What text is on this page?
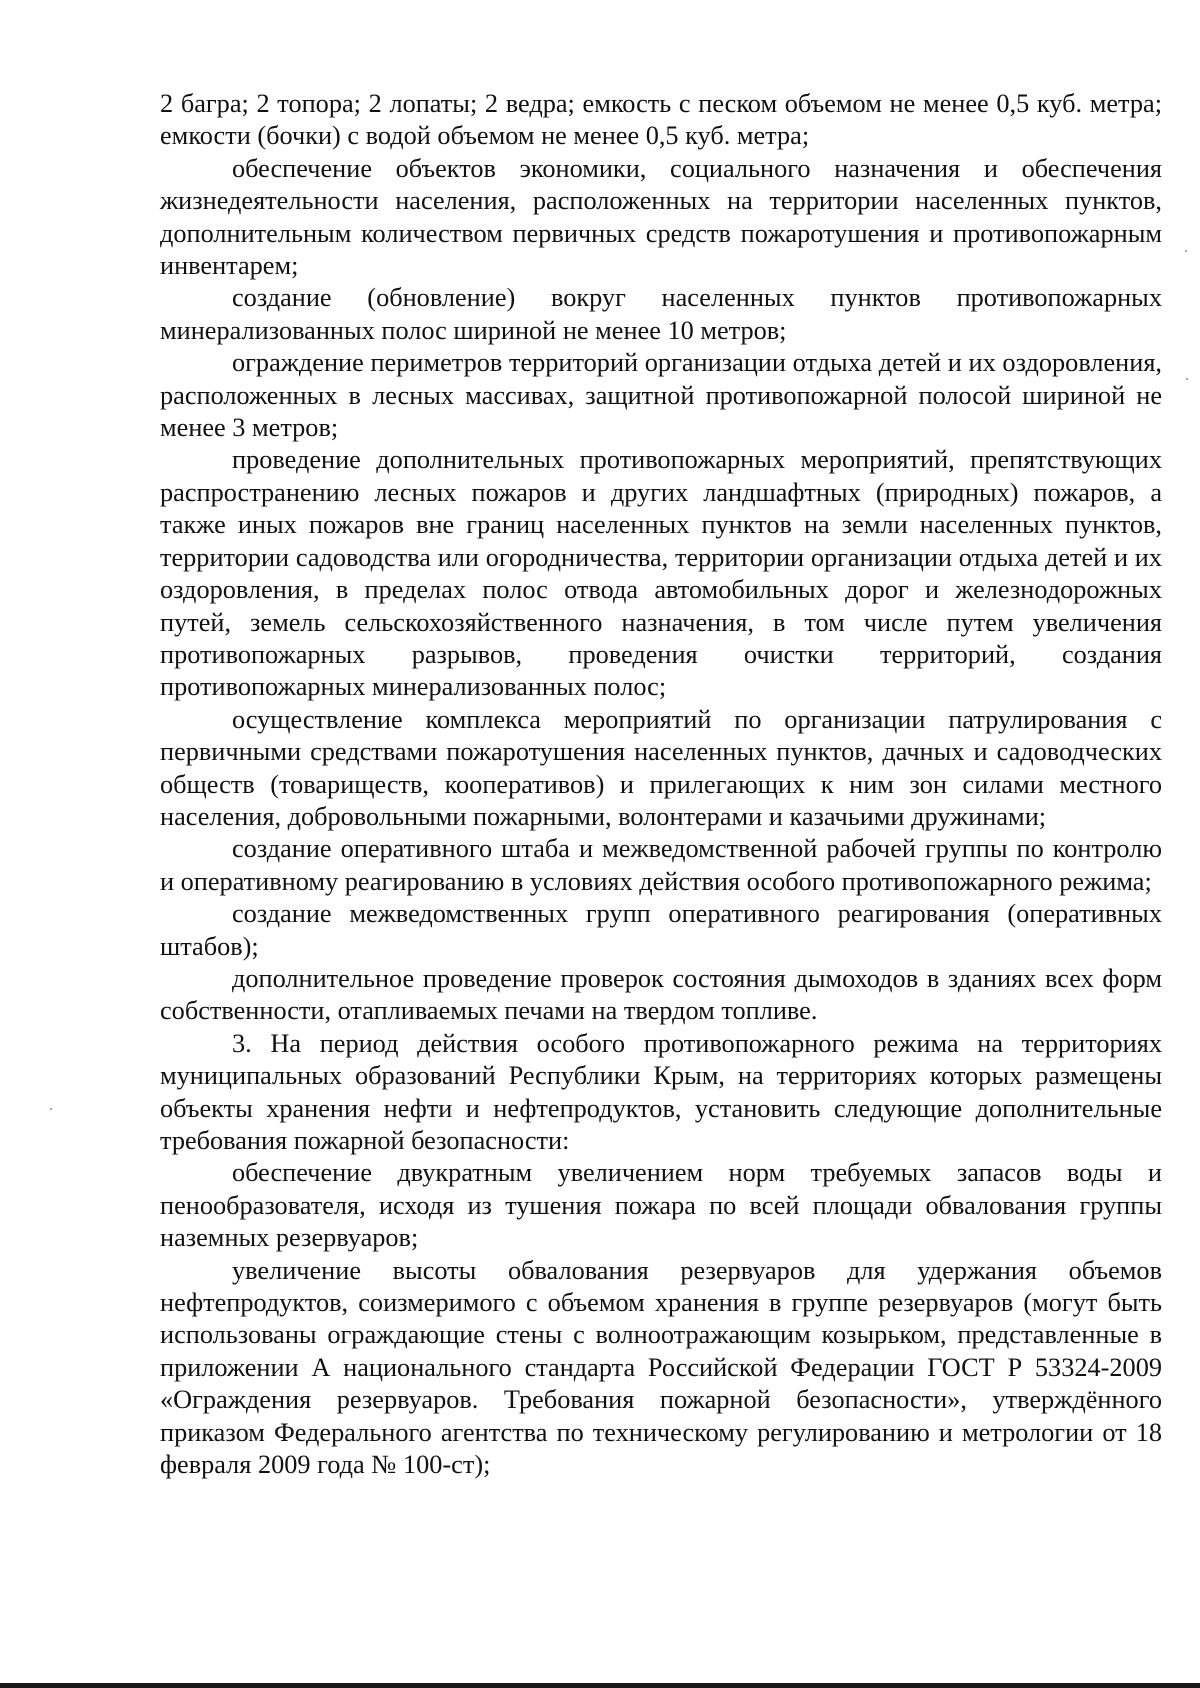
2 багра; 2 топора; 2 лопаты; 2 ведра; емкость с песком объемом не менее 0,5 куб. метра; емкости (бочки) с водой объемом не менее 0,5 куб. метра;

обеспечение объектов экономики, социального назначения и обеспечения жизнедеятельности населения, расположенных на территории населенных пунктов, дополнительным количеством первичных средств пожаротушения и противопожарным инвентарем;

создание (обновление) вокруг населенных пунктов противопожарных минерализованных полос шириной не менее 10 метров;

ограждение периметров территорий организации отдыха детей и их оздоровления, расположенных в лесных массивах, защитной противопожарной полосой шириной не менее 3 метров;

проведение дополнительных противопожарных мероприятий, препятствующих распространению лесных пожаров и других ландшафтных (природных) пожаров, а также иных пожаров вне границ населенных пунктов на земли населенных пунктов, территории садоводства или огородничества, территории организации отдыха детей и их оздоровления, в пределах полос отвода автомобильных дорог и железнодорожных путей, земель сельскохозяйственного назначения, в том числе путем увеличения противопожарных разрывов, проведения очистки территорий, создания противопожарных минерализованных полос;

осуществление комплекса мероприятий по организации патрулирования с первичными средствами пожаротушения населенных пунктов, дачных и садоводческих обществ (товариществ, кооперативов) и прилегающих к ним зон силами местного населения, добровольными пожарными, волонтерами и казачьими дружинами;

создание оперативного штаба и межведомственной рабочей группы по контролю и оперативному реагированию в условиях действия особого противопожарного режима;

создание межведомственных групп оперативного реагирования (оперативных штабов);

дополнительное проведение проверок состояния дымоходов в зданиях всех форм собственности, отапливаемых печами на твердом топливе.

3. На период действия особого противопожарного режима на территориях муниципальных образований Республики Крым, на территориях которых размещены объекты хранения нефти и нефтепродуктов, установить следующие дополнительные требования пожарной безопасности:

обеспечение двукратным увеличением норм требуемых запасов воды и пенообразователя, исходя из тушения пожара по всей площади обвалования группы наземных резервуаров;

увеличение высоты обвалования резервуаров для удержания объемов нефтепродуктов, соизмеримого с объемом хранения в группе резервуаров (могут быть использованы ограждающие стены с волноотражающим козырьком, представленные в приложении А национального стандарта Российской Федерации ГОСТ Р 53324-2009 «Ограждения резервуаров. Требования пожарной безопасности», утверждённого приказом Федерального агентства по техническому регулированию и метрологии от 18 февраля 2009 года № 100-ст);
